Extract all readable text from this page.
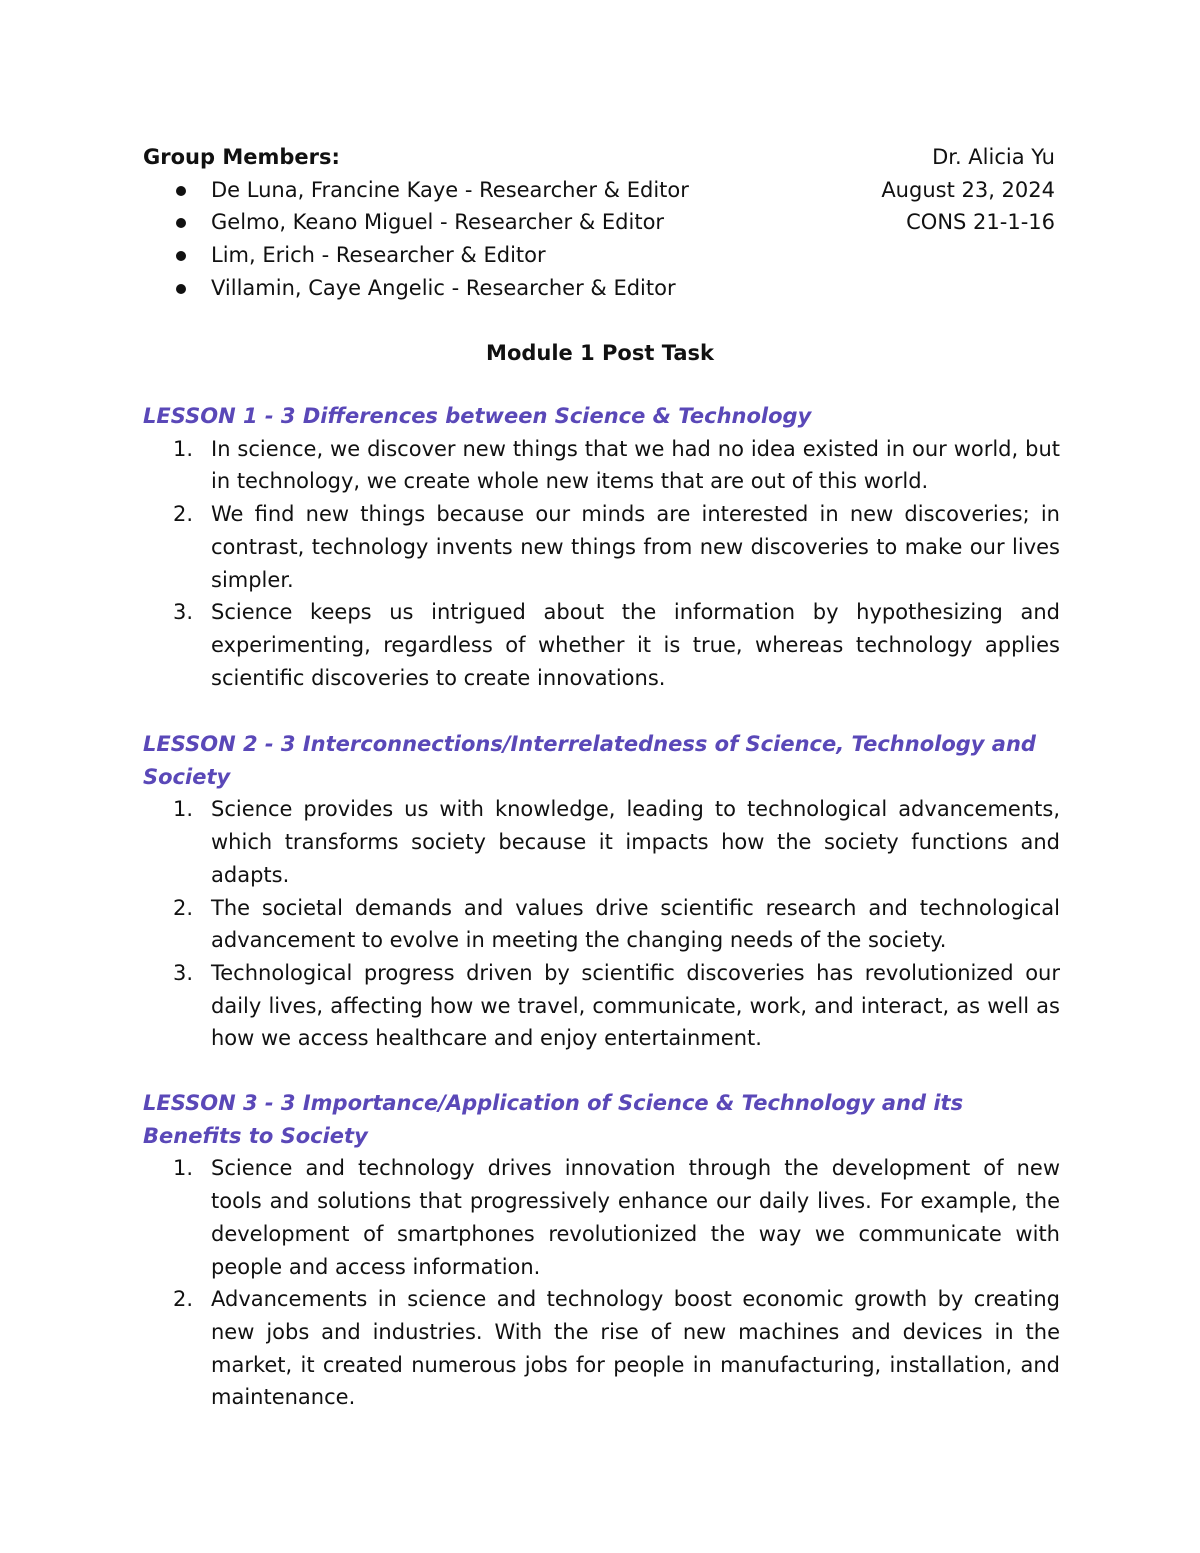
Group Members:

De Luna, Francine Kaye - Researcher & Editor
Gelmo, Keano Miguel - Researcher & Editor
Lim, Erich - Researcher & Editor
Villamin, Caye Angelic - Researcher & Editor
Dr. Alicia Yu
August 23, 2024
CONS 21-1-16

Module 1 Post Task

LESSON 1 - 3 Differences between Science & Technology

1. In science, we discover new things that we had no idea existed in our world, but in technology, we create whole new items that are out of this world.
2. We find new things because our minds are interested in new discoveries; in contrast, technology invents new things from new discoveries to make our lives simpler.
3. Science keeps us intrigued about the information by hypothesizing and experimenting, regardless of whether it is true, whereas technology applies scientific discoveries to create innovations.

LESSON 2 - 3 Interconnections/Interrelatedness of Science, Technology and Society

1. Science provides us with knowledge, leading to technological advancements, which transforms society because it impacts how the society functions and adapts.
2. The societal demands and values drive scientific research and technological advancement to evolve in meeting the changing needs of the society.
3. Technological progress driven by scientific discoveries has revolutionized our daily lives, affecting how we travel, communicate, work, and interact, as well as how we access healthcare and enjoy entertainment.

LESSON 3 - 3 Importance/Application of Science & Technology and its Benefits to Society

1. Science and technology drives innovation through the development of new tools and solutions that progressively enhance our daily lives. For example, the development of smartphones revolutionized the way we communicate with people and access information.
2. Advancements in science and technology boost economic growth by creating new jobs and industries. With the rise of new machines and devices in the market, it created numerous jobs for people in manufacturing, installation, and maintenance.
